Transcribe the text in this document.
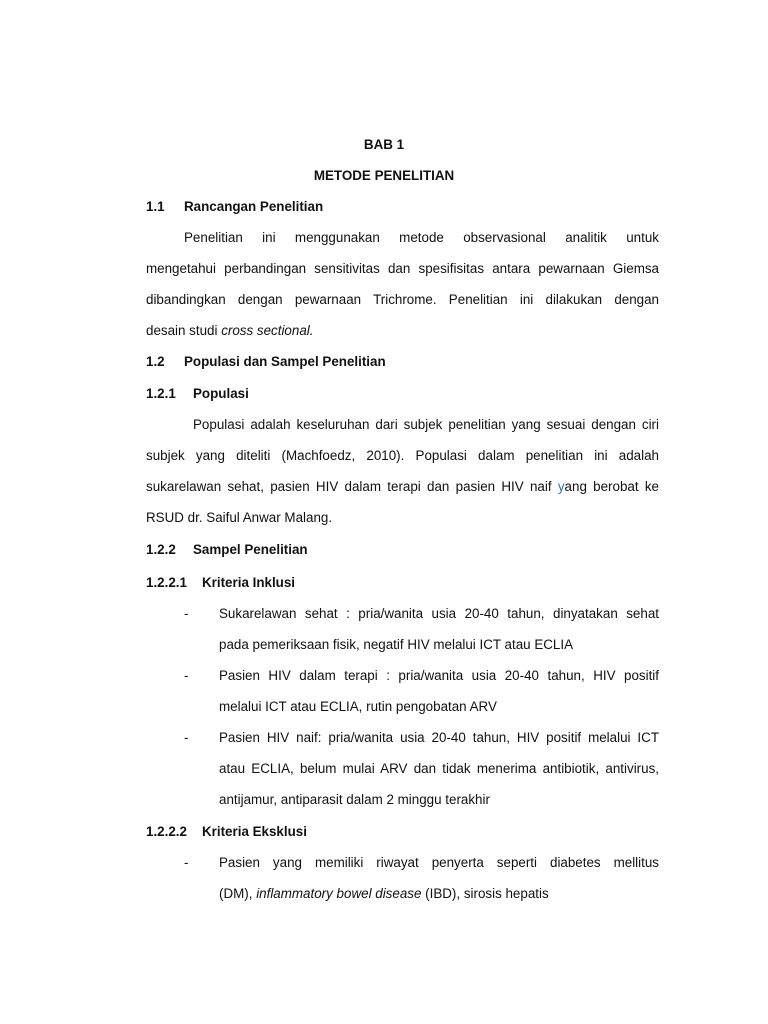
BAB 1
METODE PENELITIAN
1.1 Rancangan Penelitian
Penelitian ini menggunakan metode observasional analitik untuk
mengetahui perbandingan sensitivitas dan spesifisitas antara pewarnaan Giemsa
dibandingkan dengan pewarnaan Trichrome. Penelitian ini dilakukan dengan
desain studi cross sectional.
1.2 Populasi dan Sampel Penelitian
1.2.1 Populasi
Populasi adalah keseluruhan dari subjek penelitian yang sesuai dengan ciri
subjek yang diteliti (Machfoedz, 2010). Populasi dalam penelitian ini adalah
sukarelawan sehat, pasien HIV dalam terapi dan pasien HIV naif yang berobat ke
RSUD dr. Saiful Anwar Malang.
1.2.2 Sampel Penelitian
1.2.2.1 Kriteria Inklusi
- Sukarelawan sehat : pria/wanita usia 20-40 tahun, dinyatakan sehat
pada pemeriksaan fisik, negatif HIV melalui ICT atau ECLIA
- Pasien HIV dalam terapi : pria/wanita usia 20-40 tahun, HIV positif
melalui ICT atau ECLIA, rutin pengobatan ARV
- Pasien HIV naif: pria/wanita usia 20-40 tahun, HIV positif melalui ICT
atau ECLIA, belum mulai ARV dan tidak menerima antibiotik, antivirus,
antijamur, antiparasit dalam 2 minggu terakhir
1.2.2.2 Kriteria Eksklusi
- Pasien yang memiliki riwayat penyerta seperti diabetes mellitus
(DM), inflammatory bowel disease (IBD), sirosis hepatis
